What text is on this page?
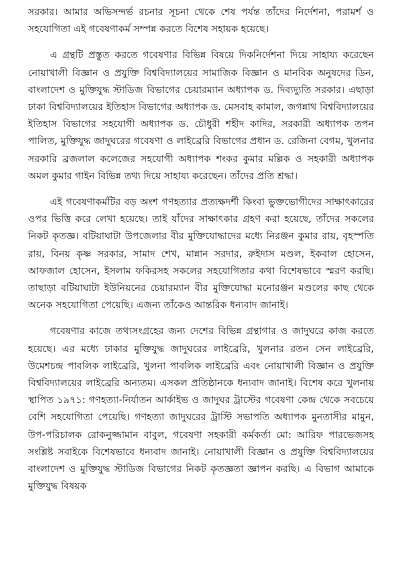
সরকার। আমার অভিসন্দর্ভ রচনার সূচনা থেকে শেষ পর্যন্ত তাঁদের নির্দেশনা, পরামর্শ ও সহযোগিতা এই গবেষণাকর্ম সম্পন্ন করতে বিশেষ সহায়ক হয়েছে।

এ গ্রন্থটি প্রস্তুত করতে গবেষণার বিভিন্ন বিষয়ে দিকনির্দেশনা দিয়ে সাহায্য করেছেন নোয়াখালী বিজ্ঞান ও প্রযুক্তি বিশ্ববিদ্যালয়ের সামাজিক বিজ্ঞান ও মানবিক অনুষদের ডিন, বাংলাদেশ ও মুক্তিযুদ্ধ স্টাডিজ বিভাগের চেয়ারম্যান অধ্যাপক ড. দিব্যদ্যুতি সরকার। এছাড়া ঢাকা বিশ্ববিদ্যালয়ের ইতিহাস বিভাগের অধ্যাপক ড. মেসবাহ কামাল, জগন্নাথ বিশ্ববিদ্যালয়ের ইতিহাস বিভাগের সহযোগী অধ্যাপক ড. চৌধুরী শহীদ কাদির, সরকারী অধ্যাপক তপন পালিত, মুক্তিযুদ্ধ জাদুঘরের গবেষণা ও লাইব্রেরি বিভাগের প্রধান ড. রেজিনা বেগম, খুলনার সরকারি ব্রজলাল কলেজের সহযোগী অধ্যাপক শংকর কুমার মল্লিক ও সহকারী অধ্যাপক অমল কুমার গাইন বিভিন্ন তথ্য দিয়ে সাহায্য করেছেন। তাঁদের প্রতি শ্রদ্ধা।

এই গবেষণাকর্মটির বড় অংশ গণহত্যার প্রত্যক্ষদর্শী কিংবা ভুক্তভোগীদের সাক্ষাৎকারের ওপর ভিত্তি করে লেখা হয়েছে। তাই যাঁদের সাক্ষাৎকার গ্রহণ করা হয়েছে, তাঁদের সকলের নিকট কৃতজ্ঞ। বটিয়াঘাটা উপজেলার বীর মুক্তিযোদ্ধাদের মধ্যে নিরঞ্জন কুমার রায়, বৃহস্পতি রায়, বিনয় কৃষ্ণ সরকার, সামাদ শেখ, মান্নান সরদার, রুইদাস মণ্ডল, ইকবাল হোসেন, আফজাল হোসেন, ইসলাম ফকিরসহ সকলের সহযোগিতার কথা বিশেষভাবে স্মরণ করছি। তাছাড়া বটিয়াঘাটা ইউনিয়নের চেয়ারম্যান বীর মুক্তিযোদ্ধা মনোরঞ্জন মণ্ডলের কাছ থেকে অনেক সহযোগিতা পেয়েছি। এজন্য তাঁকেও আন্তরিক ধন্যবাদ জানাই।

গবেষণার কাজে তথ্যসংগ্রহের জন্য দেশের বিভিন্ন গ্রন্থাগার ও জাদুঘরে কাজ করতে হয়েছে। এর মধ্যে ঢাকার মুক্তিযুদ্ধ জাদুঘরের লাইব্রেরি, খুলনার রতন সেন লাইব্রেরি, উমেশচন্দ্র পাবলিক লাইব্রেরি, খুলনা পাবলিক লাইব্রেরি এবং নোয়াখালী বিজ্ঞান ও প্রযুক্তি বিশ্ববিদ্যালয়ের লাইব্রেরি অন্যতম। এসকল প্রতিষ্ঠানকে ধন্যবাদ জানাই। বিশেষ করে খুলনায় স্থাপিত ১৯৭১: গণহত্যা-নির্যাতন আর্কাইভ ও জাদুঘর ট্রাস্টের গবেষণা কেন্দ্র থেকে সবচেয়ে বেশি সহযোগিতা পেয়েছি। গণহত্যা জাদুঘরের ট্রাস্টি সভাপতি অধ্যাপক মুনতাসীর মামুন, উপ-পরিচালক রোকনুজ্জামান বাবুল, গবেষণা সহকারী কর্মকর্তা মো: আরিফ পারভেজসহ সংশ্লিষ্ট সবাইকে বিশেষভাবে ধন্যবাদ জানাই। নোয়াখালী বিজ্ঞান ও প্রযুক্তি বিশ্ববিদ্যালয়ের বাংলাদেশ ও মুক্তিযুদ্ধ স্টাডিজ বিভাগের নিকট কৃতজ্ঞতা জ্ঞাপন করছি। এ বিভাগ আমাকে মুক্তিযুদ্ধ বিষয়ক
